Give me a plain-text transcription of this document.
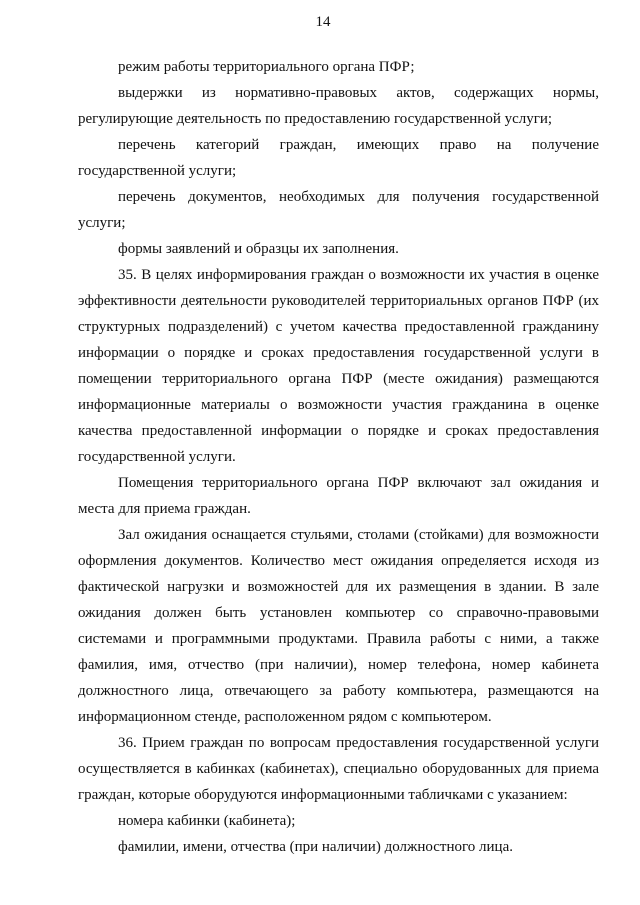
14

режим работы территориального органа ПФР;

выдержки из нормативно-правовых актов, содержащих нормы, регулирующие деятельность по предоставлению государственной услуги;

перечень категорий граждан, имеющих право на получение государственной услуги;

перечень документов, необходимых для получения государственной услуги;

формы заявлений и образцы их заполнения.

35. В целях информирования граждан о возможности их участия в оценке эффективности деятельности руководителей территориальных органов ПФР (их структурных подразделений) с учетом качества предоставленной гражданину информации о порядке и сроках предоставления государственной услуги в помещении территориального органа ПФР (месте ожидания) размещаются информационные материалы о возможности участия гражданина в оценке качества предоставленной информации о порядке и сроках предоставления государственной услуги.

Помещения территориального органа ПФР включают зал ожидания и места для приема граждан.

Зал ожидания оснащается стульями, столами (стойками) для возможности оформления документов. Количество мест ожидания определяется исходя из фактической нагрузки и возможностей для их размещения в здании. В зале ожидания должен быть установлен компьютер со справочно-правовыми системами и программными продуктами. Правила работы с ними, а также фамилия, имя, отчество (при наличии), номер телефона, номер кабинета должностного лица, отвечающего за работу компьютера, размещаются на информационном стенде, расположенном рядом с компьютером.

36. Прием граждан по вопросам предоставления государственной услуги осуществляется в кабинках (кабинетах), специально оборудованных для приема граждан, которые оборудуются информационными табличками с указанием:

номера кабинки (кабинета);

фамилии, имени, отчества (при наличии) должностного лица.
